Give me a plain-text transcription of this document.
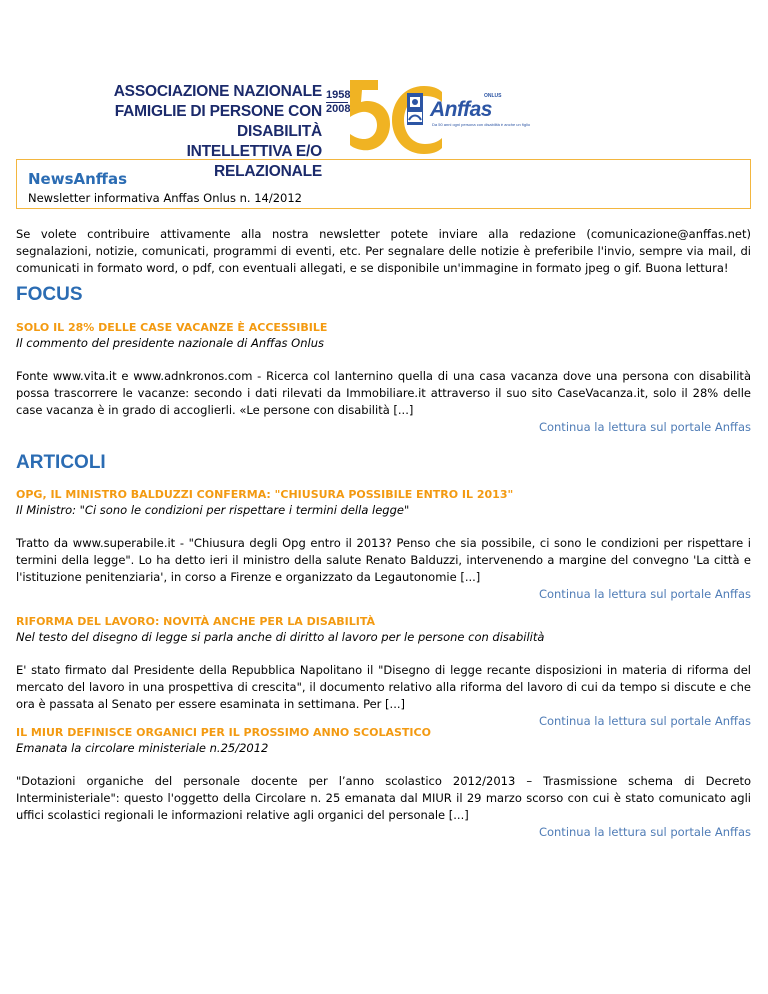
ASSOCIAZIONE NAZIONALE
FAMIGLIE DI PERSONE CON DISABILITÀ
INTELLETTIVA E/O RELAZIONALE
1958
2008	Anffas
Da 50 anni ogni persona con disabilità è anche un figlio
ONLUS
NewsAnffas
Newsletter informativa Anffas Onlus n. 14/2012
Se volete contribuire attivamente alla nostra newsletter potete inviare alla redazione (comunicazione@anffas.net) segnalazioni, notizie, comunicati, programmi di eventi, etc. Per segnalare delle notizie è preferibile l'invio, sempre via mail, di comunicati in formato word, o pdf, con eventuali allegati, e se disponibile un'immagine in formato jpeg o gif. Buona lettura!
FOCUS
SOLO IL 28% DELLE CASE VACANZE È ACCESSIBILE
Il commento del presidente nazionale di Anffas Onlus
Fonte www.vita.it e www.adnkronos.com - Ricerca col lanternino quella di una casa vacanza dove una persona con disabilità possa trascorrere le vacanze: secondo i dati rilevati da Immobiliare.it attraverso il suo sito CaseVacanza.it, solo il 28% delle case vacanza è in grado di accoglierli. «Le persone con disabilità [...]
Continua la lettura sul portale Anffas
ARTICOLI
OPG, IL MINISTRO BALDUZZI CONFERMA: "CHIUSURA POSSIBILE ENTRO IL 2013"
Il Ministro: "Ci sono le condizioni per rispettare i termini della legge"
Tratto da www.superabile.it - "Chiusura degli Opg entro il 2013? Penso che sia possibile, ci sono le condizioni per rispettare i termini della legge". Lo ha detto ieri il ministro della salute Renato Balduzzi, intervenendo a margine del convegno 'La città e l'istituzione penitenziaria', in corso a Firenze e organizzato da Legautonomie [...]
Continua la lettura sul portale Anffas
RIFORMA DEL LAVORO: NOVITÀ ANCHE PER LA DISABILITÀ
Nel testo del disegno di legge si parla anche di diritto al lavoro per le persone con disabilità
E' stato firmato dal Presidente della Repubblica Napolitano il "Disegno di legge recante disposizioni in materia di riforma del mercato del lavoro in una prospettiva di crescita", il documento relativo alla riforma del lavoro di cui da tempo si discute e che ora è passata al Senato per essere esaminata in settimana. Per [...]
Continua la lettura sul portale Anffas
IL MIUR DEFINISCE ORGANICI PER IL PROSSIMO ANNO SCOLASTICO
Emanata la circolare ministeriale n.25/2012
"Dotazioni organiche del personale docente per l’anno scolastico 2012/2013 – Trasmissione schema di Decreto Interministeriale": questo l'oggetto della Circolare n. 25 emanata dal MIUR il 29 marzo scorso con cui è stato comunicato agli uffici scolastici regionali le informazioni relative agli organici del personale [...]
Continua la lettura sul portale Anffas
